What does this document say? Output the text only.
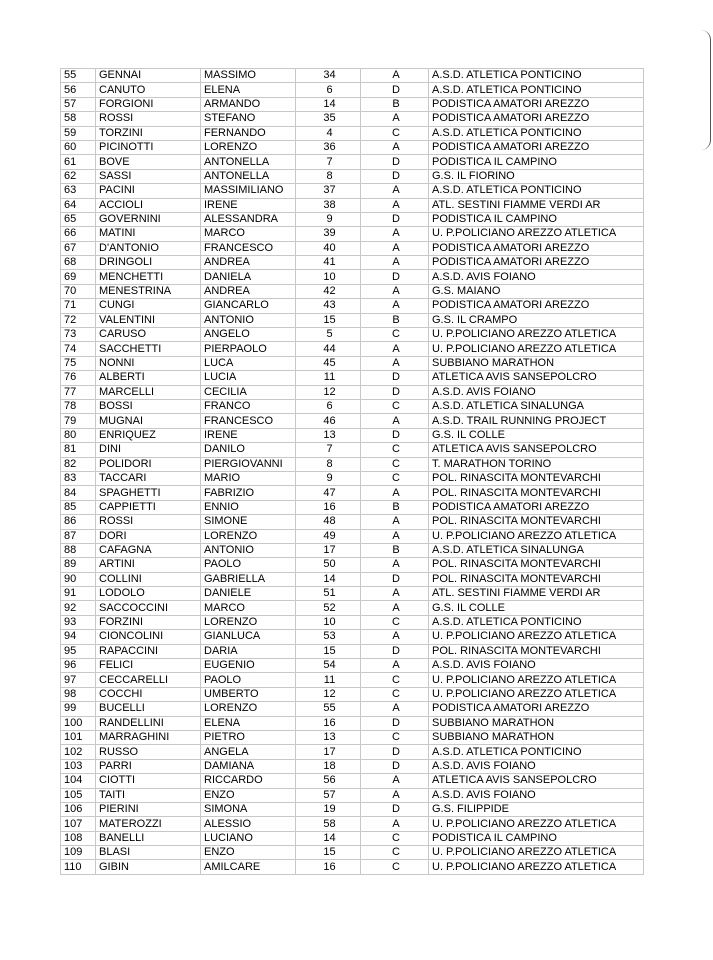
55	GENNAI	MASSIMO	34	A	A.S.D. ATLETICA PONTICINO
56	CANUTO	ELENA	6	D	A.S.D. ATLETICA PONTICINO
57	FORGIONI	ARMANDO	14	B	PODISTICA AMATORI AREZZO
58	ROSSI	STEFANO	35	A	PODISTICA AMATORI AREZZO
59	TORZINI	FERNANDO	4	C	A.S.D. ATLETICA PONTICINO
60	PICINOTTI	LORENZO	36	A	PODISTICA AMATORI AREZZO
61	BOVE	ANTONELLA	7	D	PODISTICA IL CAMPINO
62	SASSI	ANTONELLA	8	D	G.S. IL FIORINO
63	PACINI	MASSIMILIANO	37	A	A.S.D. ATLETICA PONTICINO
64	ACCIOLI	IRENE	38	A	ATL. SESTINI FIAMME VERDI AR
65	GOVERNINI	ALESSANDRA	9	D	PODISTICA IL CAMPINO
66	MATINI	MARCO	39	A	U. P.POLICIANO AREZZO ATLETICA
67	D'ANTONIO	FRANCESCO	40	A	PODISTICA AMATORI AREZZO
68	DRINGOLI	ANDREA	41	A	PODISTICA AMATORI AREZZO
69	MENCHETTI	DANIELA	10	D	A.S.D. AVIS FOIANO
70	MENESTRINA	ANDREA	42	A	G.S. MAIANO
71	CUNGI	GIANCARLO	43	A	PODISTICA AMATORI AREZZO
72	VALENTINI	ANTONIO	15	B	G.S. IL CRAMPO
73	CARUSO	ANGELO	5	C	U. P.POLICIANO AREZZO ATLETICA
74	SACCHETTI	PIERPAOLO	44	A	U. P.POLICIANO AREZZO ATLETICA
75	NONNI	LUCA	45	A	SUBBIANO MARATHON
76	ALBERTI	LUCIA	11	D	ATLETICA AVIS SANSEPOLCRO
77	MARCELLI	CECILIA	12	D	A.S.D. AVIS FOIANO
78	BOSSI	FRANCO	6	C	A.S.D. ATLETICA SINALUNGA
79	MUGNAI	FRANCESCO	46	A	A.S.D. TRAIL RUNNING PROJECT
80	ENRIQUEZ	IRENE	13	D	G.S. IL COLLE
81	DINI	DANILO	7	C	ATLETICA AVIS SANSEPOLCRO
82	POLIDORI	PIERGIOVANNI	8	C	T. MARATHON TORINO
83	TACCARI	MARIO	9	C	POL. RINASCITA MONTEVARCHI
84	SPAGHETTI	FABRIZIO	47	A	POL. RINASCITA MONTEVARCHI
85	CAPPIETTI	ENNIO	16	B	PODISTICA AMATORI AREZZO
86	ROSSI	SIMONE	48	A	POL. RINASCITA MONTEVARCHI
87	DORI	LORENZO	49	A	U. P.POLICIANO AREZZO ATLETICA
88	CAFAGNA	ANTONIO	17	B	A.S.D. ATLETICA SINALUNGA
89	ARTINI	PAOLO	50	A	POL. RINASCITA MONTEVARCHI
90	COLLINI	GABRIELLA	14	D	POL. RINASCITA MONTEVARCHI
91	LODOLO	DANIELE	51	A	ATL. SESTINI FIAMME VERDI AR
92	SACCOCCINI	MARCO	52	A	G.S. IL COLLE
93	FORZINI	LORENZO	10	C	A.S.D. ATLETICA PONTICINO
94	CIONCOLINI	GIANLUCA	53	A	U. P.POLICIANO AREZZO ATLETICA
95	RAPACCINI	DARIA	15	D	POL. RINASCITA MONTEVARCHI
96	FELICI	EUGENIO	54	A	A.S.D. AVIS FOIANO
97	CECCARELLI	PAOLO	11	C	U. P.POLICIANO AREZZO ATLETICA
98	COCCHI	UMBERTO	12	C	U. P.POLICIANO AREZZO ATLETICA
99	BUCELLI	LORENZO	55	A	PODISTICA AMATORI AREZZO
100	RANDELLINI	ELENA	16	D	SUBBIANO MARATHON
101	MARRAGHINI	PIETRO	13	C	SUBBIANO MARATHON
102	RUSSO	ANGELA	17	D	A.S.D. ATLETICA PONTICINO
103	PARRI	DAMIANA	18	D	A.S.D. AVIS FOIANO
104	CIOTTI	RICCARDO	56	A	ATLETICA AVIS SANSEPOLCRO
105	TAITI	ENZO	57	A	A.S.D. AVIS FOIANO
106	PIERINI	SIMONA	19	D	G.S. FILIPPIDE
107	MATEROZZI	ALESSIO	58	A	U. P.POLICIANO AREZZO ATLETICA
108	BANELLI	LUCIANO	14	C	PODISTICA IL CAMPINO
109	BLASI	ENZO	15	C	U. P.POLICIANO AREZZO ATLETICA
110	GIBIN	AMILCARE	16	C	U. P.POLICIANO AREZZO ATLETICA
